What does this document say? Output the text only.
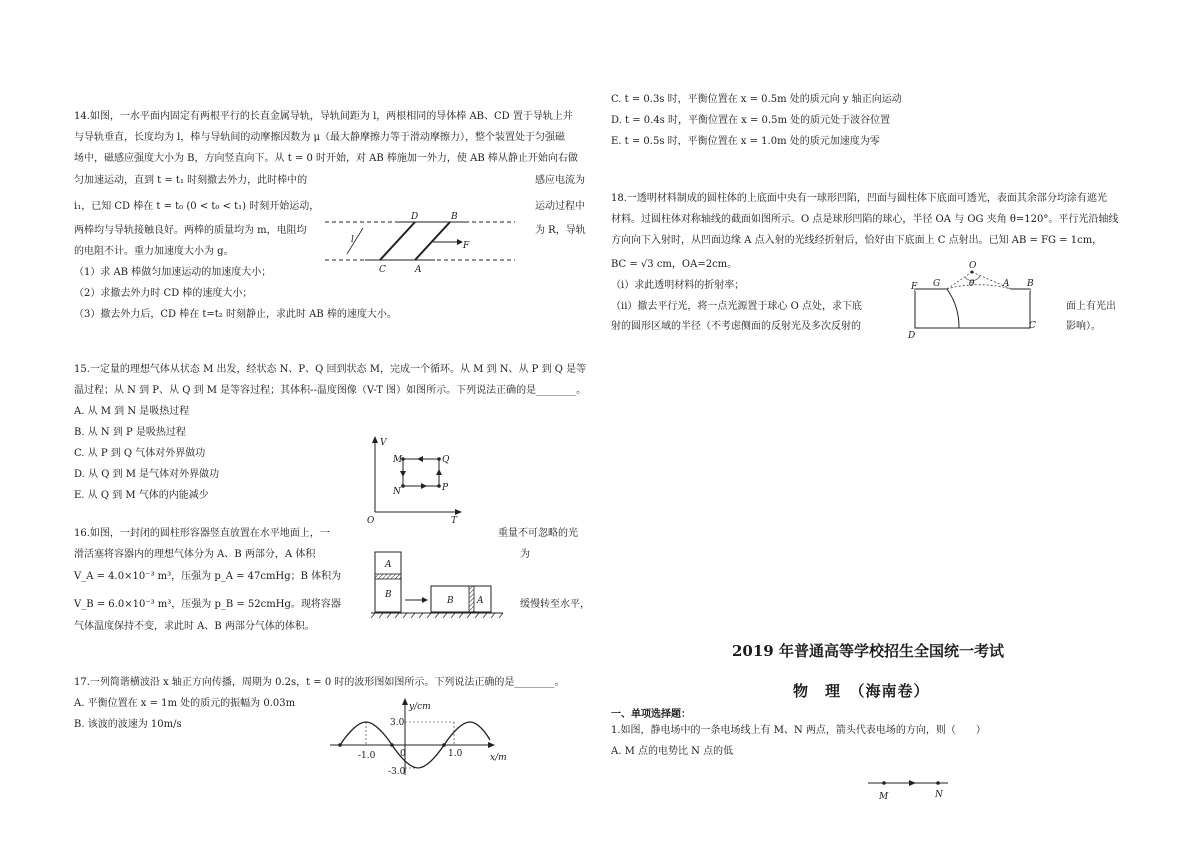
14.如图，一水平面内固定有两根平行的长直金属导轨，导轨间距为 l，两根相同的导体棒 AB、CD 置于导轨上并
与导轨垂直，长度均为 l，棒与导轨间的动摩擦因数为 μ（最大静摩擦力等于滑动摩擦力），整个装置处于匀强磁
场中，磁感应强度大小为 B，方向竖直向下。从 t = 0 时开始，对 AB 棒施加一外力，使 AB 棒从静止开始向右做
匀加速运动，直到 t = t₁ 时刻撤去外力，此时棒中的	感应电流为
i₁，已知 CD 棒在 t = t₀ (0 < t₀ < t₁) 时刻开始运动，	运动过程中
两棒均与导轨接触良好。两棒的质量均为 m，电阻均	为 R，导轨
的电阻不计。重力加速度大小为 g。
（1）求 AB 棒做匀加速运动的加速度大小；
（2）求撤去外力时 CD 棒的速度大小；
（3）撤去外力后，CD 棒在 t=t₂ 时刻静止，求此时 AB 棒的速度大小。
D	B
C	A
F
l
15.一定量的理想气体从状态 M 出发，经状态 N、P、Q 回到状态 M，完成一个循环。从 M 到 N、从 P 到 Q 是等
温过程；从 N 到 P、从 Q 到 M 是等容过程；其体积--温度图像（V-T 图）如图所示。下列说法正确的是________。
A. 从 M 到 N 是吸热过程
B. 从 N 到 P 是吸热过程
C. 从 P 到 Q 气体对外界做功
D. 从 Q 到 M 是气体对外界做功
E. 从 Q 到 M 气体的内能减少
V
T
O
M	Q
N	P
16.如图，一封闭的圆柱形容器竖直放置在水平地面上，一	重量不可忽略的光
滑活塞将容器内的理想气体分为 A、B 两部分，A 体积	为
V_A = 4.0×10⁻³ m³，压强为 p_A = 47cmHg；B 体积为
V_B = 6.0×10⁻³ m³，压强为 p_B = 52cmHg。现将容器	缓慢转至水平，
气体温度保持不变，求此时 A、B 两部分气体的体积。
A
B
B	A
17.一列简谐横波沿 x 轴正方向传播，周期为 0.2s，t = 0 时的波形图如图所示。下列说法正确的是________。
A. 平衡位置在 x = 1m 处的质元的振幅为 0.03m
B. 该波的波速为 10m/s
y/cm
x/m
3.0
-3.0
-1.0	1.0
0
C. t = 0.3s 时，平衡位置在 x = 0.5m 处的质元向 y 轴正向运动
D. t = 0.4s 时，平衡位置在 x = 0.5m 处的质元处于波谷位置
E. t = 0.5s 时，平衡位置在 x = 1.0m 处的质元加速度为零
18.一透明材料制成的圆柱体的上底面中央有一球形凹陷，凹面与圆柱体下底面可透光，表面其余部分均涂有遮光
材料。过圆柱体对称轴线的截面如图所示。O 点是球形凹陷的球心，半径 OA 与 OG 夹角 θ=120°。平行光沿轴线
方向向下入射时，从凹面边缘 A 点入射的光线经折射后，恰好由下底面上 C 点射出。已知 AB = FG = 1cm，
BC = √3 cm，OA=2cm。
（i）求此透明材料的折射率；
（ii）撤去平行光，将一点光源置于球心 O 点处，求下底	面上有光出
射的圆形区域的半径（不考虑侧面的反射光及多次反射的	影响）。
O
θ
F G	A B
D
C
2019 年普通高等学校招生全国统一考试
物　理　（海南卷）
一、单项选择题：
1.如图，静电场中的一条电场线上有 M、N 两点，箭头代表电场的方向，则（　　）
A. M 点的电势比 N 点的低
M	N
